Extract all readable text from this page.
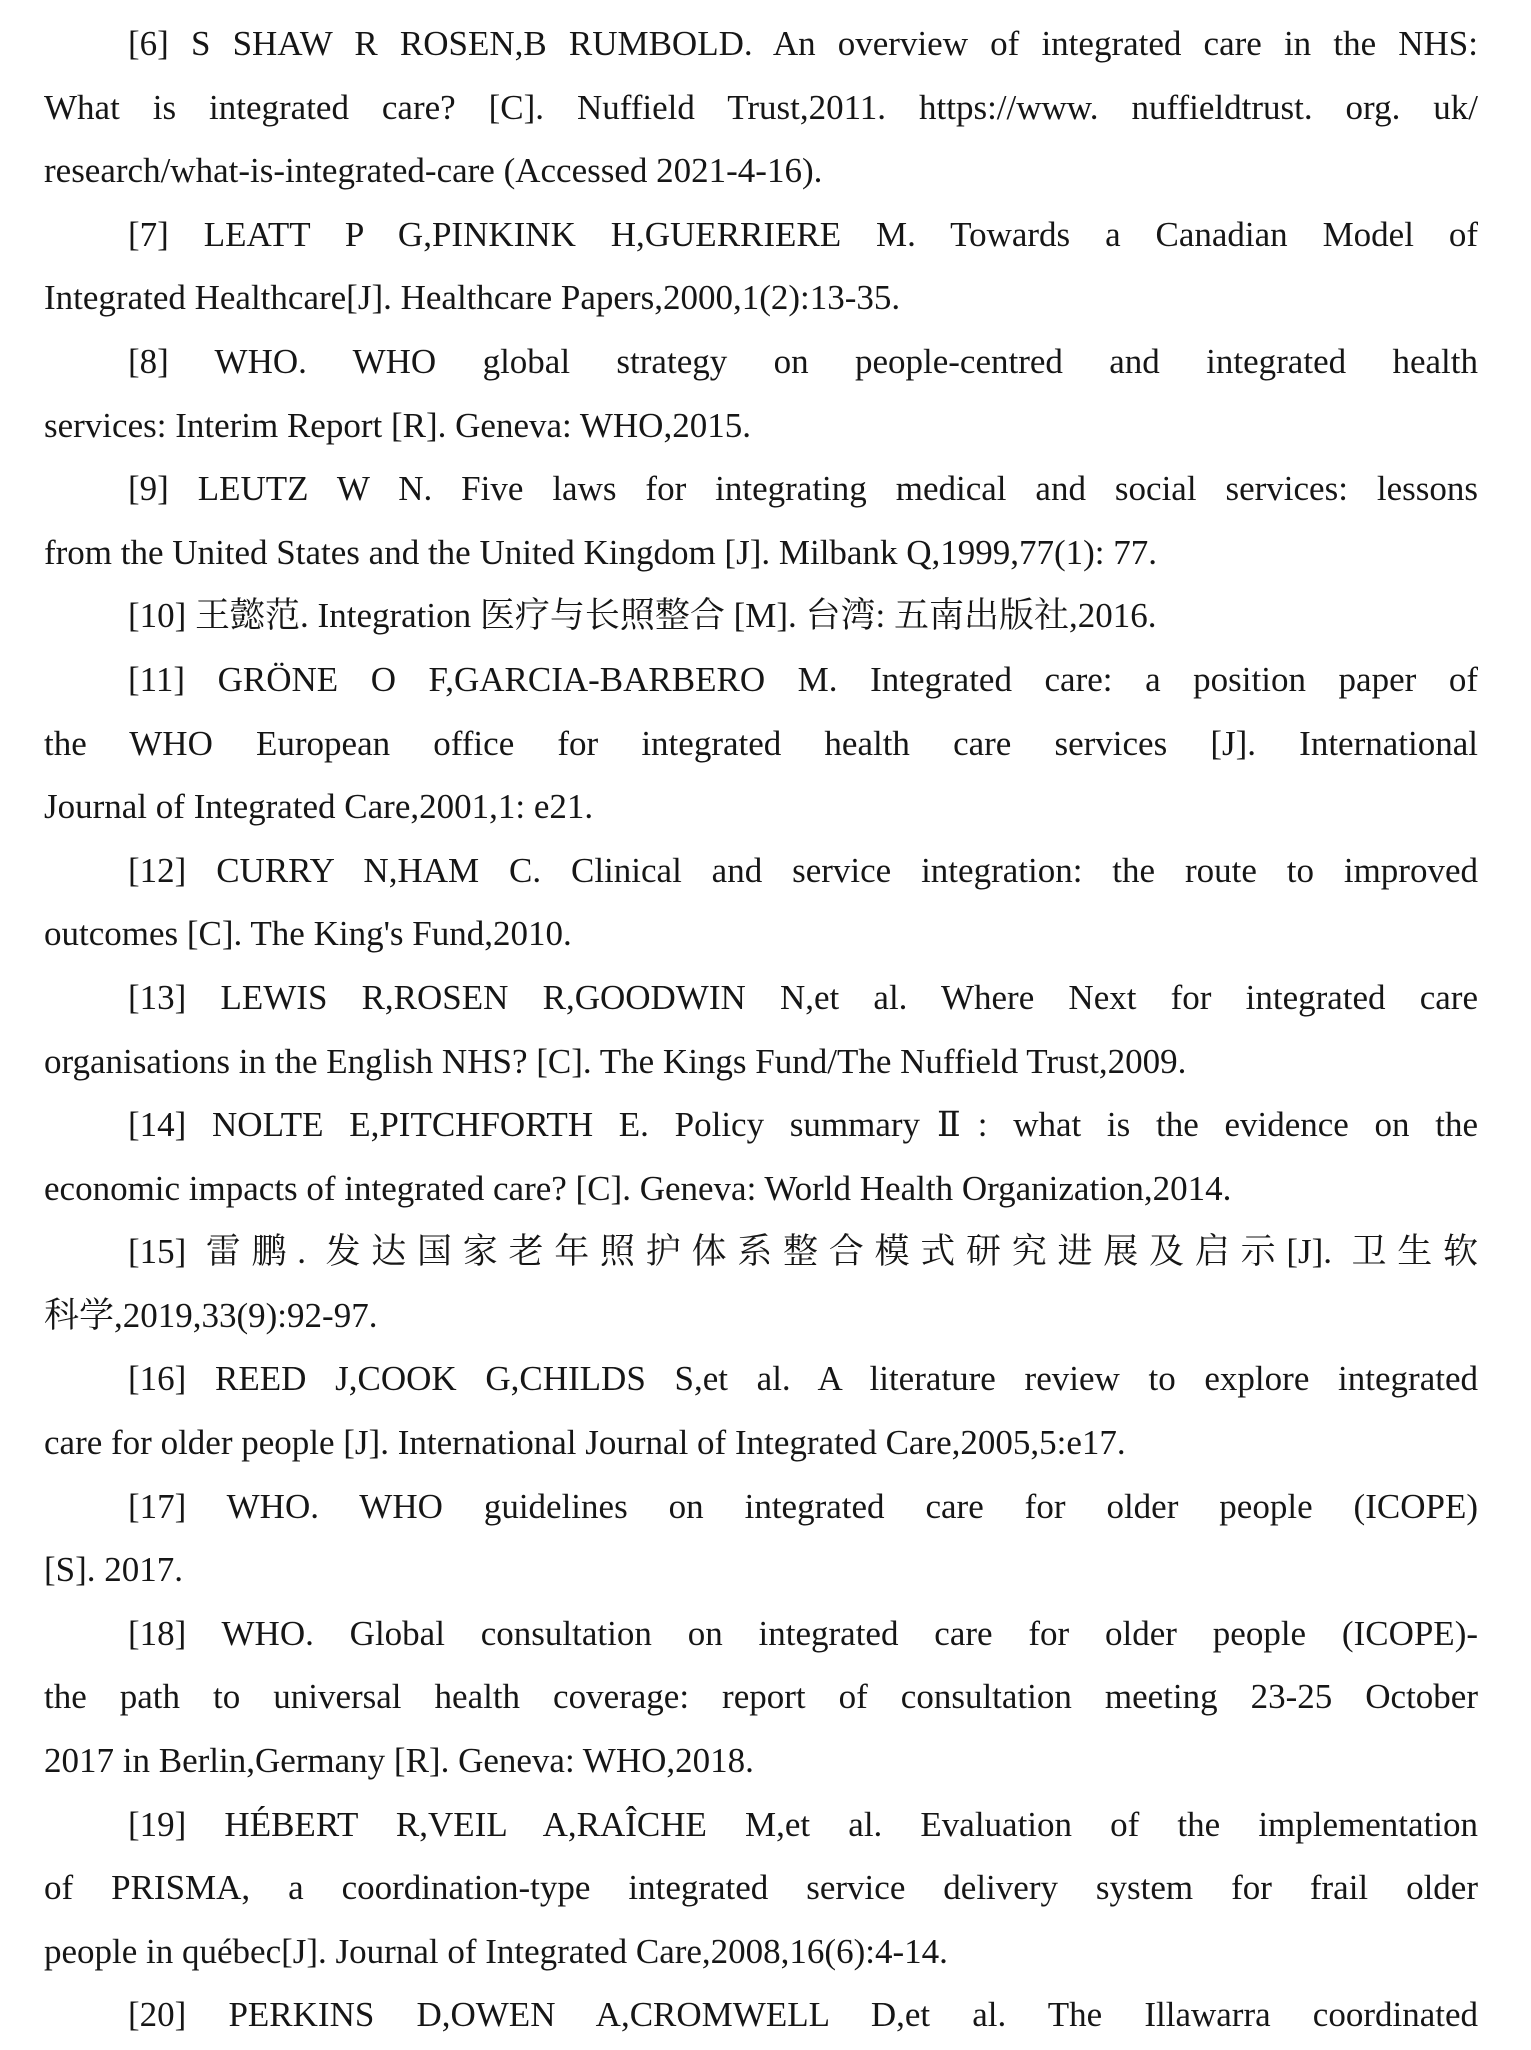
[6] S SHAW R ROSEN,B RUMBOLD. An overview of integrated care in the NHS:
What is integrated care? [C]. Nuffield Trust,2011. https://www. nuffieldtrust. org. uk/
research/what-is-integrated-care (Accessed 2021-4-16).
[7] LEATT P G,PINKINK H,GUERRIERE M. Towards a Canadian Model of
Integrated Healthcare[J]. Healthcare Papers,2000,1(2):13-35.
[8] WHO. WHO global strategy on people-centred and integrated health
services: Interim Report [R]. Geneva: WHO,2015.
[9] LEUTZ W N. Five laws for integrating medical and social services: lessons
from the United States and the United Kingdom [J]. Milbank Q,1999,77(1): 77.
[10] 王懿范. Integration 医疗与长照整合 [M]. 台湾: 五南出版社,2016.
[11] GRÖNE O F,GARCIA-BARBERO M. Integrated care: a position paper of
the WHO European office for integrated health care services [J]. International
Journal of Integrated Care,2001,1: e21.
[12] CURRY N,HAM C. Clinical and service integration: the route to improved
outcomes [C]. The King's Fund,2010.
[13] LEWIS R,ROSEN R,GOODWIN N,et al. Where Next for integrated care
organisations in the English NHS? [C]. The Kings Fund/The Nuffield Trust,2009.
[14] NOLTE E,PITCHFORTH E. Policy summaryⅡ: what is the evidence on the
economic impacts of integrated care? [C]. Geneva: World Health Organization,2014.
[15] 雷鹏. 发达国家老年照护体系整合模式研究进展及启示[J]. 卫生软
科学,2019,33(9):92-97.
[16] REED J,COOK G,CHILDS S,et al. A literature review to explore integrated
care for older people [J]. International Journal of Integrated Care,2005,5:e17.
[17] WHO. WHO guidelines on integrated care for older people (ICOPE)
[S]. 2017.
[18] WHO. Global consultation on integrated care for older people (ICOPE)-
the path to universal health coverage: report of consultation meeting 23-25 October
2017 in Berlin,Germany [R]. Geneva: WHO,2018.
[19] HÉBERT R,VEIL A,RAÎCHE M,et al. Evaluation of the implementation
of PRISMA, a coordination-type integrated service delivery system for frail older
people in québec[J]. Journal of Integrated Care,2008,16(6):4-14.
[20] PERKINS D,OWEN A,CROMWELL D,et al. The Illawarra coordinated
